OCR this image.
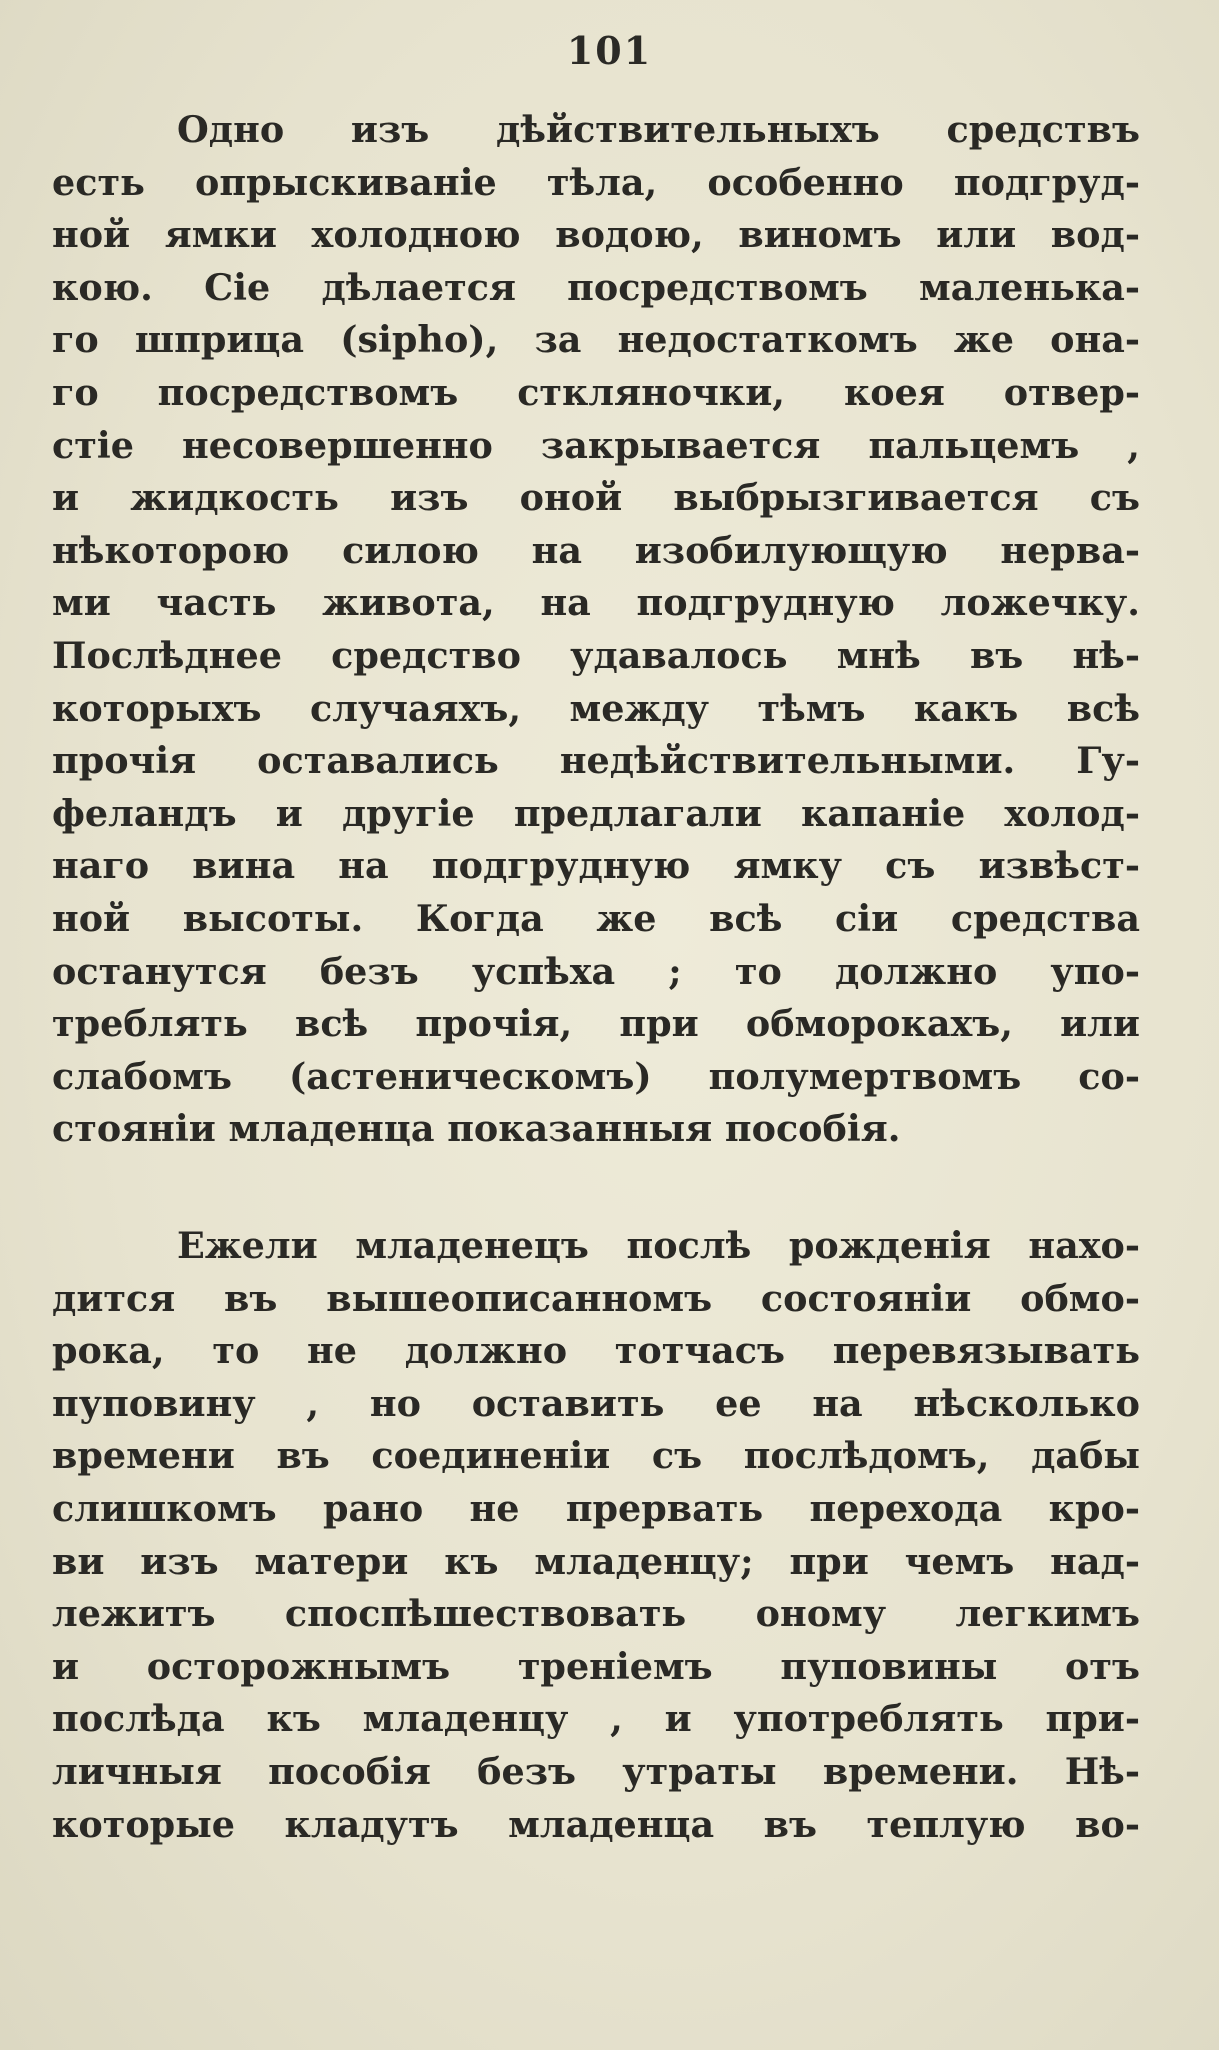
101
Одно изъ дѣйствительныхъ средствъ
есть опрыскиванiе тѣла, особенно подгруд-
ной ямки холодною водою, виномъ или вод-
кою. Сiе дѣлается посредствомъ маленька-
го шприца (sipho), за недостаткомъ же она-
го посредствомъ стклянoчки, коея отвер-
стiе несовершенно закрывается пальцемъ ,
и жидкость изъ оной выбрызгивается съ
нѣкоторою силою на изобилующую нерва-
ми часть живота, на подгрудную ложечку.
Послѣднее средство удавалось мнѣ въ нѣ-
которыхъ случаяхъ, между тѣмъ какъ всѣ
прочiя оставались недѣйствительными. Гу-
феландъ и другiе предлагали капанiе холод-
наго вина на подгрудную ямку съ извѣст-
ной высоты. Когда же всѣ сiи средства
останутся безъ успѣха ; то должно упо-
треблять всѣ прочiя, при обморокахъ, или
слабомъ (астеническомъ) полумертвомъ со-
стоянiи младенца показанныя пособiя.
Ежели младенецъ послѣ рожденiя нахо-
дится въ вышеописанномъ состоянiи обмо-
рока, то не должно тотчасъ перевязывать
пуповину , но оставить ее на нѣсколько
времени въ соединенiи съ послѣдомъ, дабы
слишкомъ рано не прервать перехода кро-
ви изъ матери къ младенцу; при чемъ над-
лежитъ споспѣшествовать оному легкимъ
и осторожнымъ тренiемъ пуповины отъ
послѣда къ младенцу , и употреблять при-
личныя пособiя безъ утраты времени. Нѣ-
которые кладутъ младенца въ теплую во-
